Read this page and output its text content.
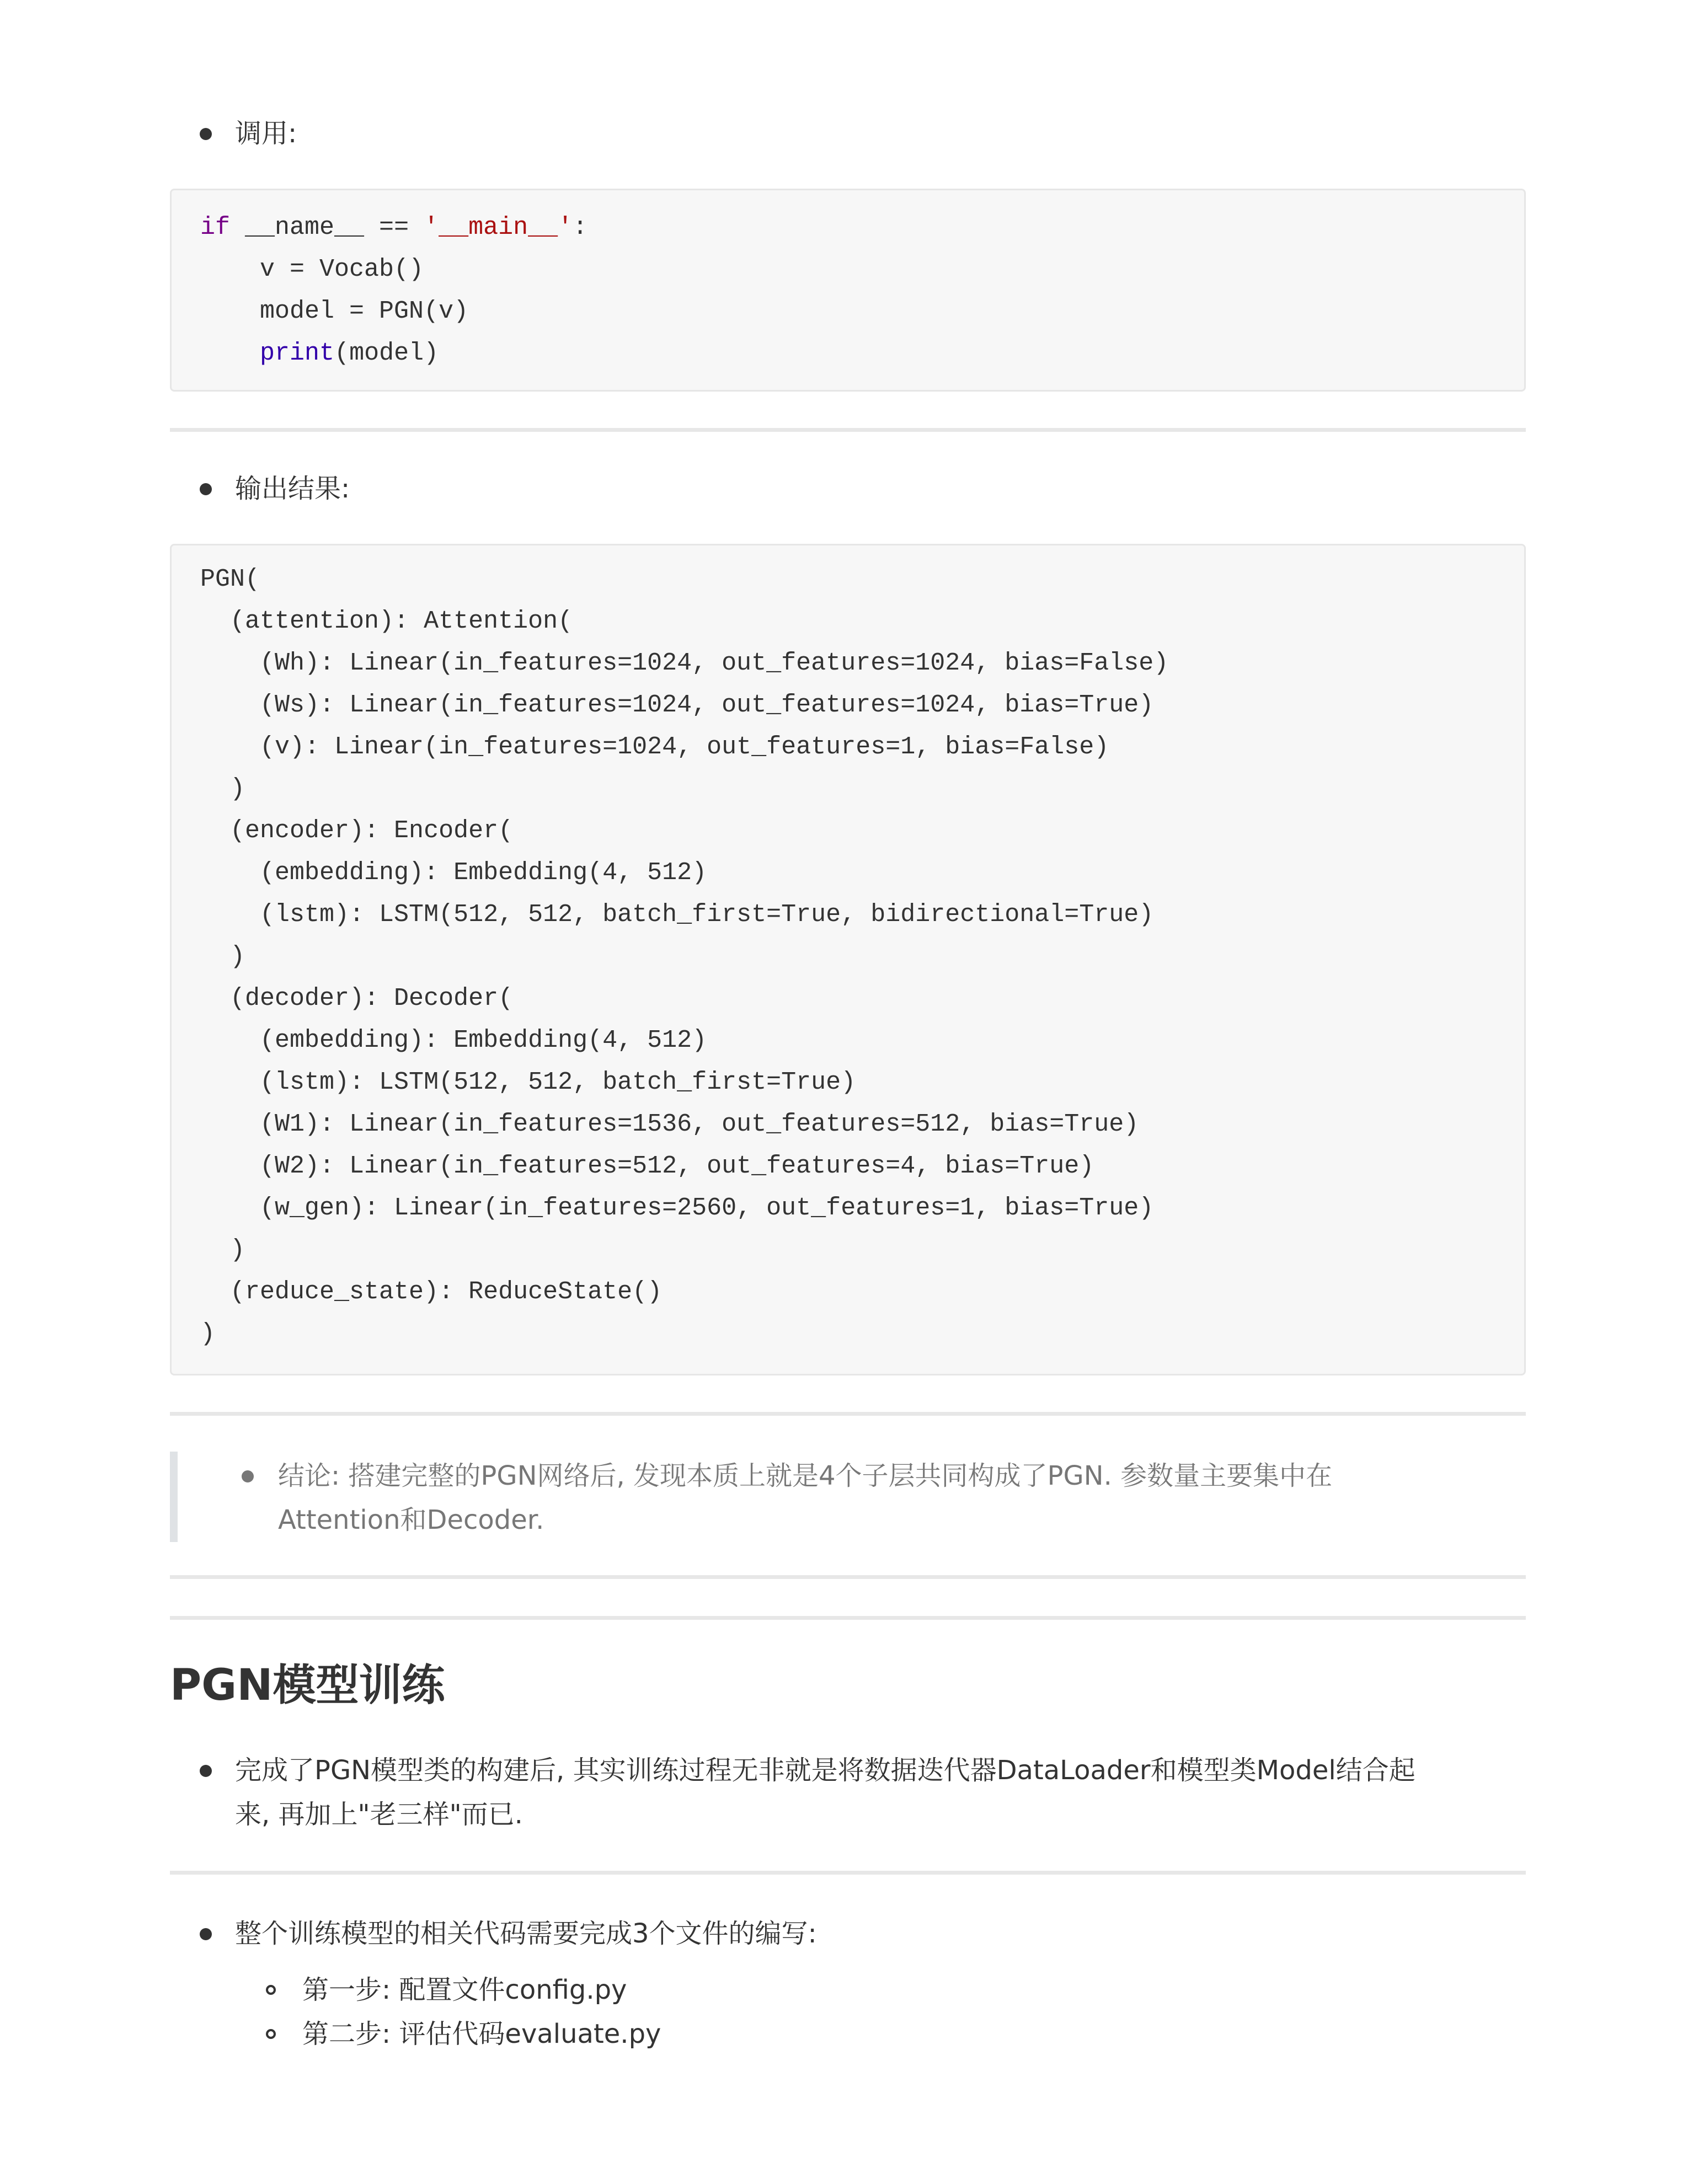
调用:
if __name__ == '__main__':
v = Vocab()
model = PGN(v)
print(model)
输出结果:
PGN(
(attention): Attention(
(Wh): Linear(in_features=1024, out_features=1024, bias=False)
(Ws): Linear(in_features=1024, out_features=1024, bias=True)
(v): Linear(in_features=1024, out_features=1, bias=False)
)
(encoder): Encoder(
(embedding): Embedding(4, 512)
(lstm): LSTM(512, 512, batch_first=True, bidirectional=True)
)
(decoder): Decoder(
(embedding): Embedding(4, 512)
(lstm): LSTM(512, 512, batch_first=True)
(W1): Linear(in_features=1536, out_features=512, bias=True)
(W2): Linear(in_features=512, out_features=4, bias=True)
(w_gen): Linear(in_features=2560, out_features=1, bias=True)
)
(reduce_state): ReduceState()
)
结论: 搭建完整的PGN网络后, 发现本质上就是4个子层共同构成了PGN. 参数量主要集中在
Attention和Decoder.
PGN模型训练
完成了PGN模型类的构建后, 其实训练过程无非就是将数据迭代器DataLoader和模型类Model结合起
来, 再加上"老三样"而已.
整个训练模型的相关代码需要完成3个文件的编写:
第一步: 配置文件config.py
第二步: 评估代码evaluate.py
